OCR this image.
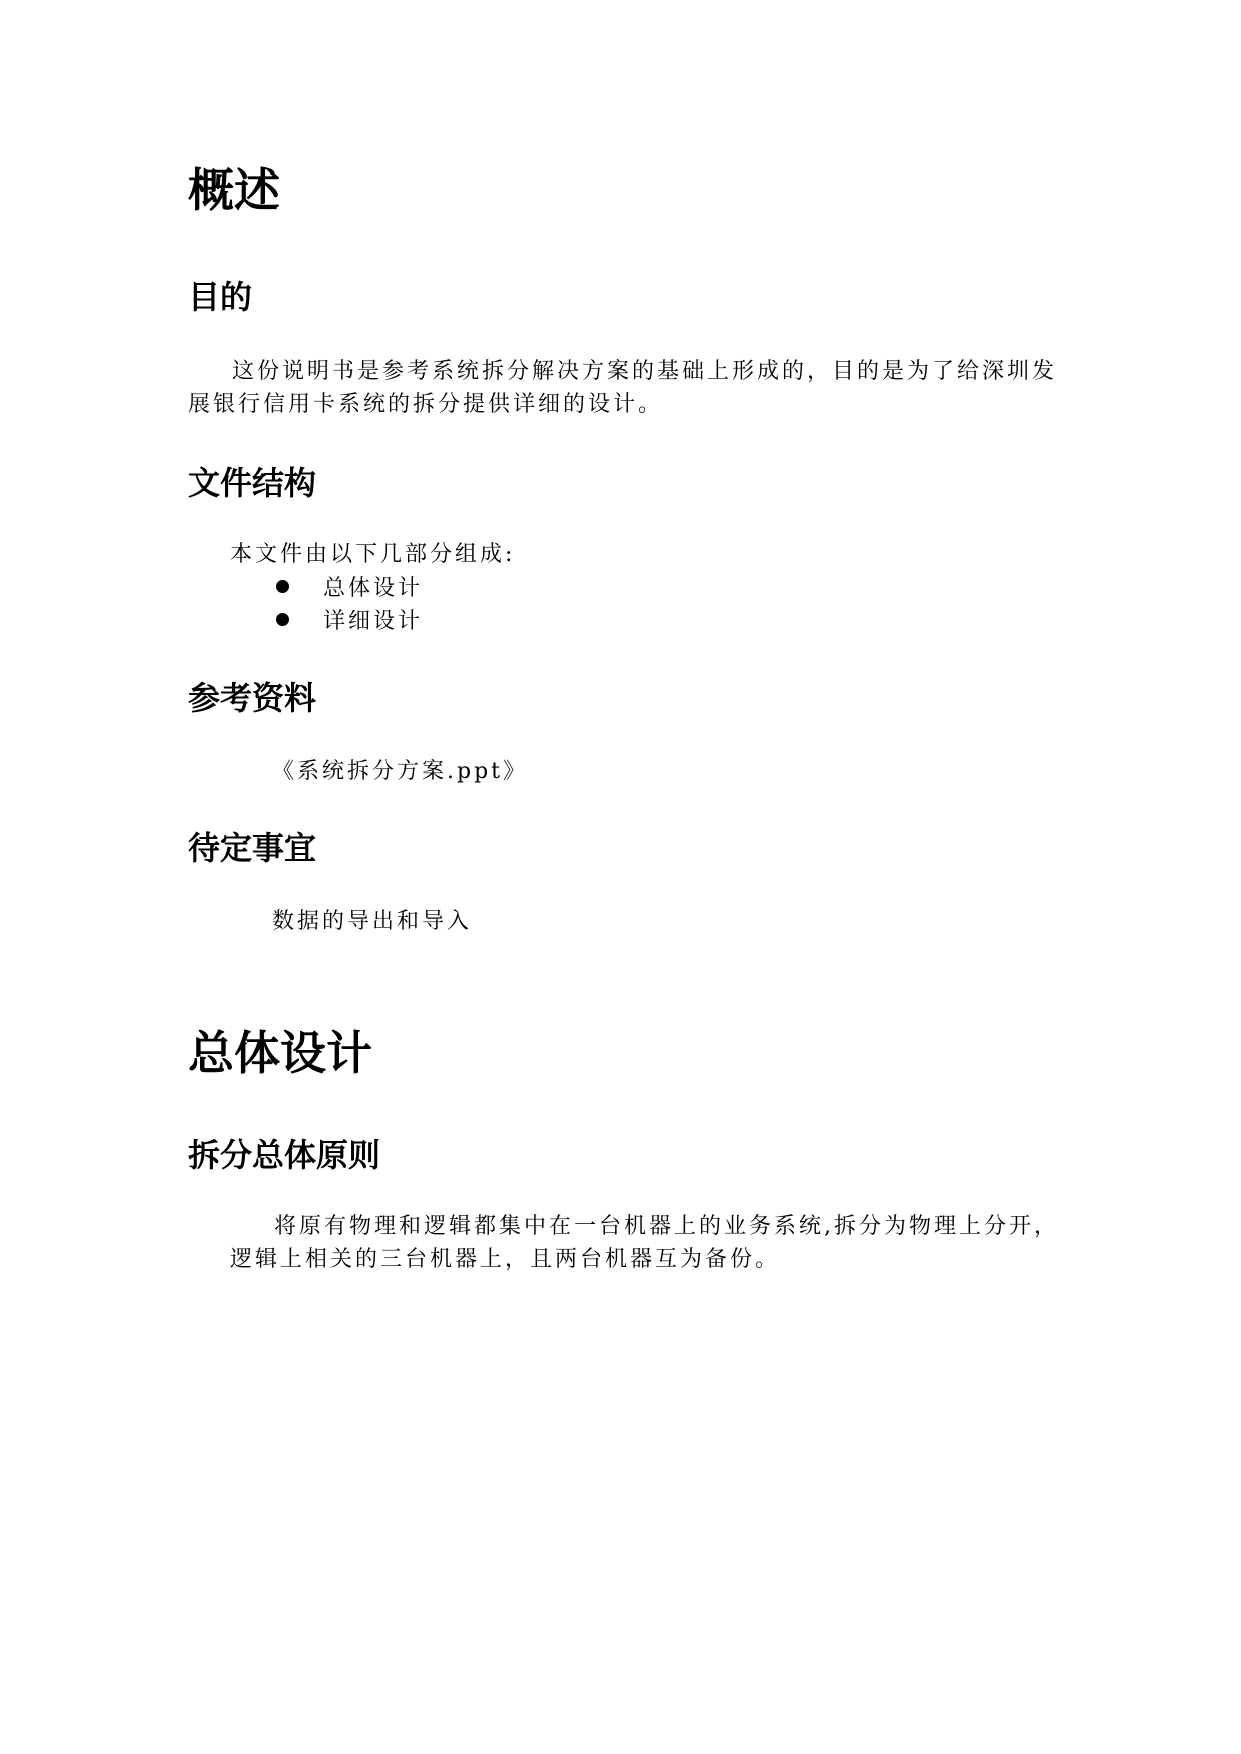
概述
目的

这份说明书是参考系统拆分解决方案的基础上形成的，目的是为了给深圳发展银行信用卡系统的拆分提供详细的设计。

文件结构

本文件由以下几部分组成:

总体设计
详细设计
参考资料

《系统拆分方案.ppt》

待定事宜

数据的导出和导入

总体设计
拆分总体原则

将原有物理和逻辑都集中在一台机器上的业务系统,拆分为物理上分开，逻辑上相关的三台机器上，且两台机器互为备份。
